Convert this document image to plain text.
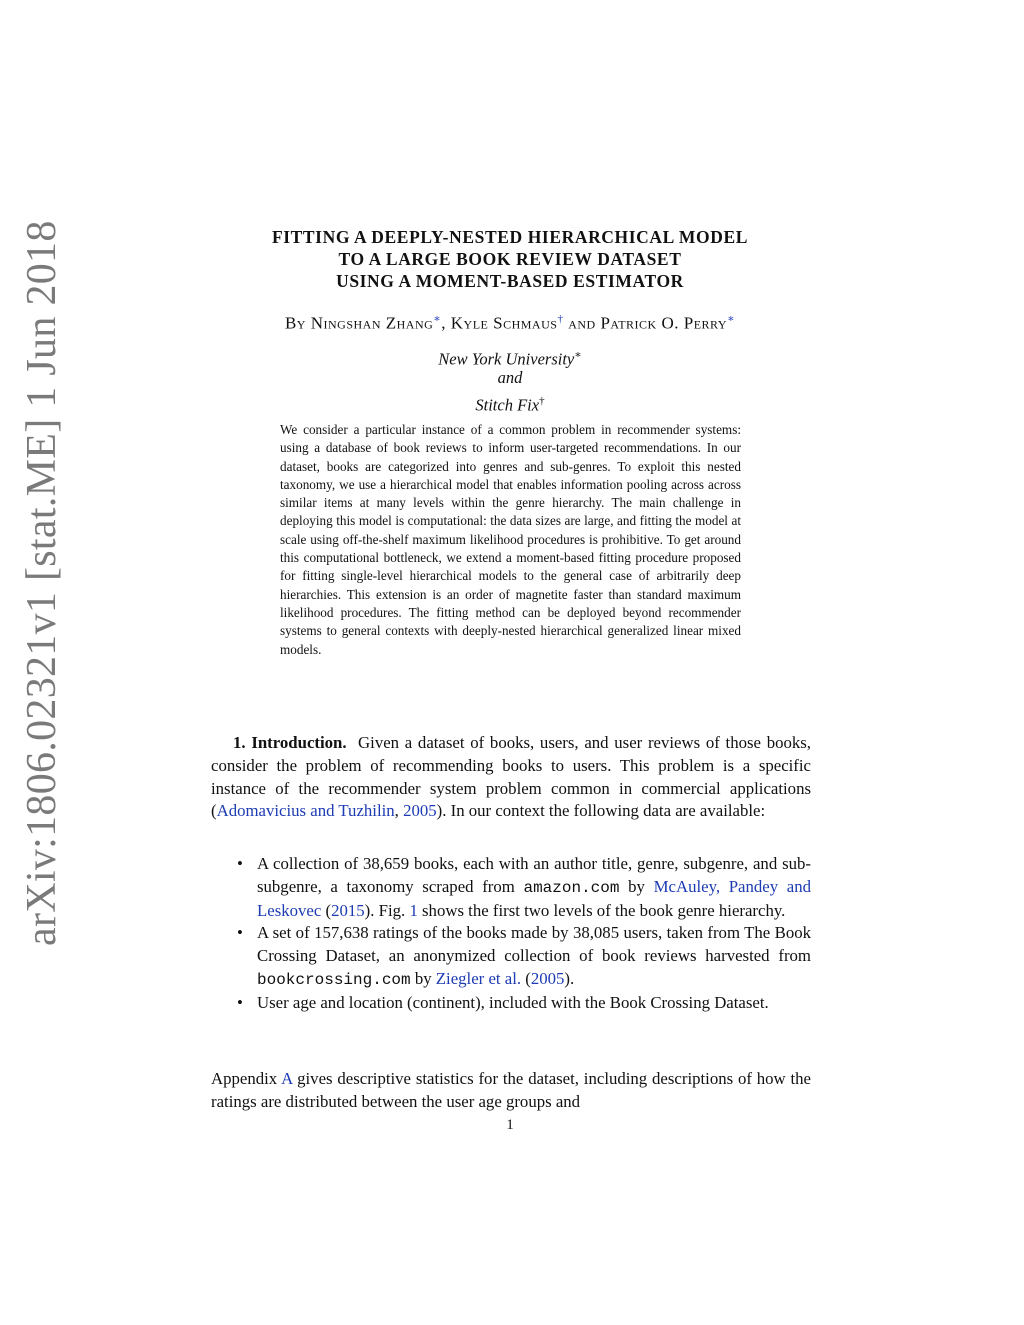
arXiv:1806.02321v1 [stat.ME] 1 Jun 2018	FITTING A DEEPLY-NESTED HIERARCHICAL MODEL
TO A LARGE BOOK REVIEW DATASET
USING A MOMENT-BASED ESTIMATOR
By Ningshan Zhang∗, Kyle Schmaus† and Patrick O. Perry∗
New York University∗
and
Stitch Fix†
We consider a particular instance of a common problem in recommender systems: using a database of book reviews to inform user-targeted recommendations. In our dataset, books are categorized into genres and sub-genres. To exploit this nested taxonomy, we use a hierarchical model that enables information pooling across across similar items at many levels within the genre hierarchy. The main challenge in deploying this model is computational: the data sizes are large, and fitting the model at scale using off-the-shelf maximum likelihood procedures is prohibitive. To get around this computational bottleneck, we extend a moment-based fitting procedure proposed for fitting single-level hierarchical models to the general case of arbitrarily deep hierarchies. This extension is an order of magnetite faster than standard maximum likelihood procedures. The fitting method can be deployed beyond recommender systems to general contexts with deeply-nested hierarchical generalized linear mixed models.
1. Introduction. Given a dataset of books, users, and user reviews of those books, consider the problem of recommending books to users. This problem is a specific instance of the recommender system problem common in commercial applications (Adomavicius and Tuzhilin, 2005). In our context the following data are available:
• A collection of 38,659 books, each with an author title, genre, subgenre, and sub-subgenre, a taxonomy scraped from amazon.com by McAuley, Pandey and Leskovec (2015). Fig. 1 shows the first two levels of the book genre hierarchy.
• A set of 157,638 ratings of the books made by 38,085 users, taken from The Book Crossing Dataset, an anonymized collection of book reviews harvested from bookcrossing.com by Ziegler et al. (2005).
• User age and location (continent), included with the Book Crossing Dataset.
Appendix A gives descriptive statistics for the dataset, including descriptions of how the ratings are distributed between the user age groups and
1
